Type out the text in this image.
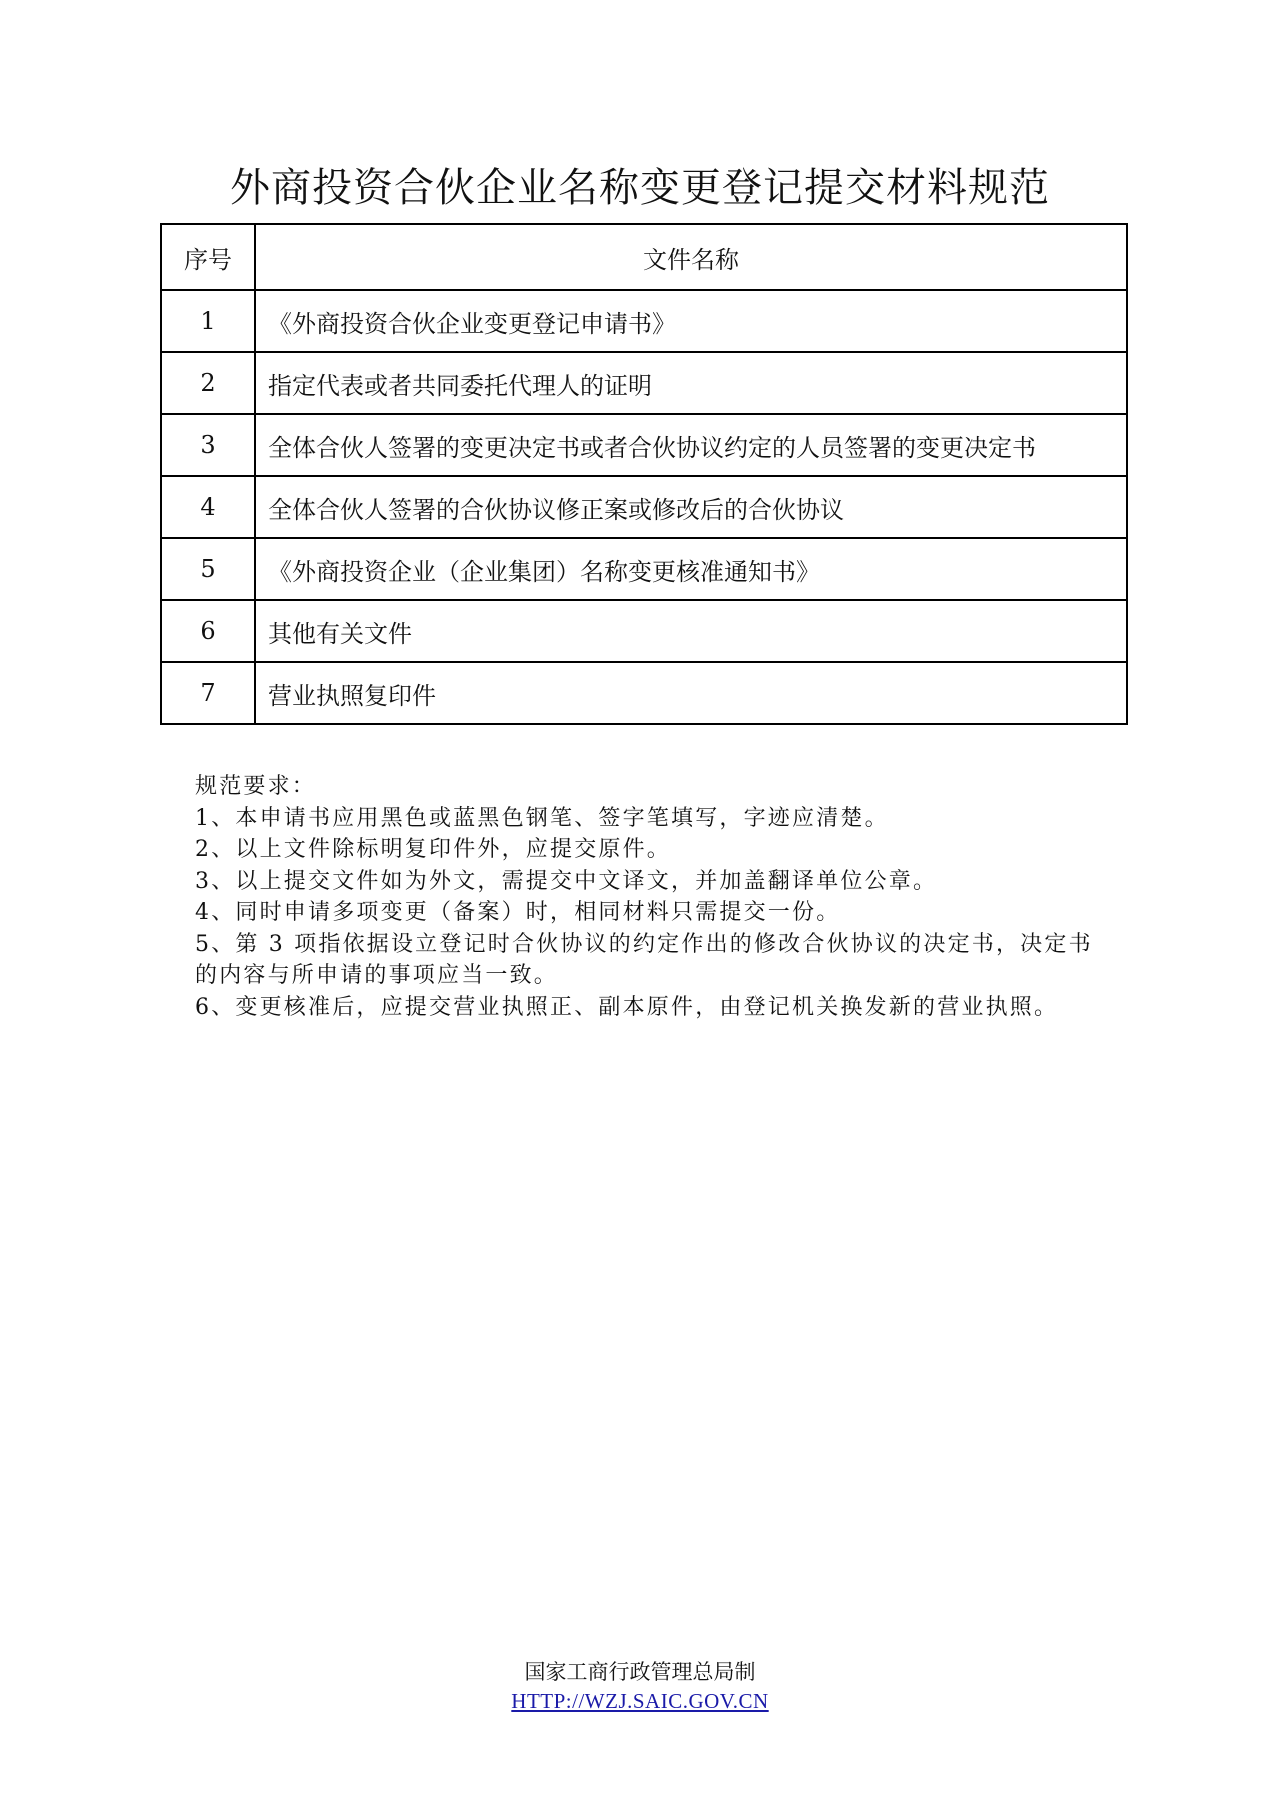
外商投资合伙企业名称变更登记提交材料规范
序号	文件名称
1	《外商投资合伙企业变更登记申请书》
2	指定代表或者共同委托代理人的证明
3	全体合伙人签署的变更决定书或者合伙协议约定的人员签署的变更决定书
4	全体合伙人签署的合伙协议修正案或修改后的合伙协议
5	《外商投资企业（企业集团）名称变更核准通知书》
6	其他有关文件
7	营业执照复印件

规范要求：

1、本申请书应用黑色或蓝黑色钢笔、签字笔填写，字迹应清楚。

2、以上文件除标明复印件外，应提交原件。

3、以上提交文件如为外文，需提交中文译文，并加盖翻译单位公章。

4、同时申请多项变更（备案）时，相同材料只需提交一份。

5、第 3 项指依据设立登记时合伙协议的约定作出的修改合伙协议的决定书，决定书的内容与所申请的事项应当一致。

6、变更核准后，应提交营业执照正、副本原件，由登记机关换发新的营业执照。

国家工商行政管理总局制
HTTP://WZJ.SAIC.GOV.CN
